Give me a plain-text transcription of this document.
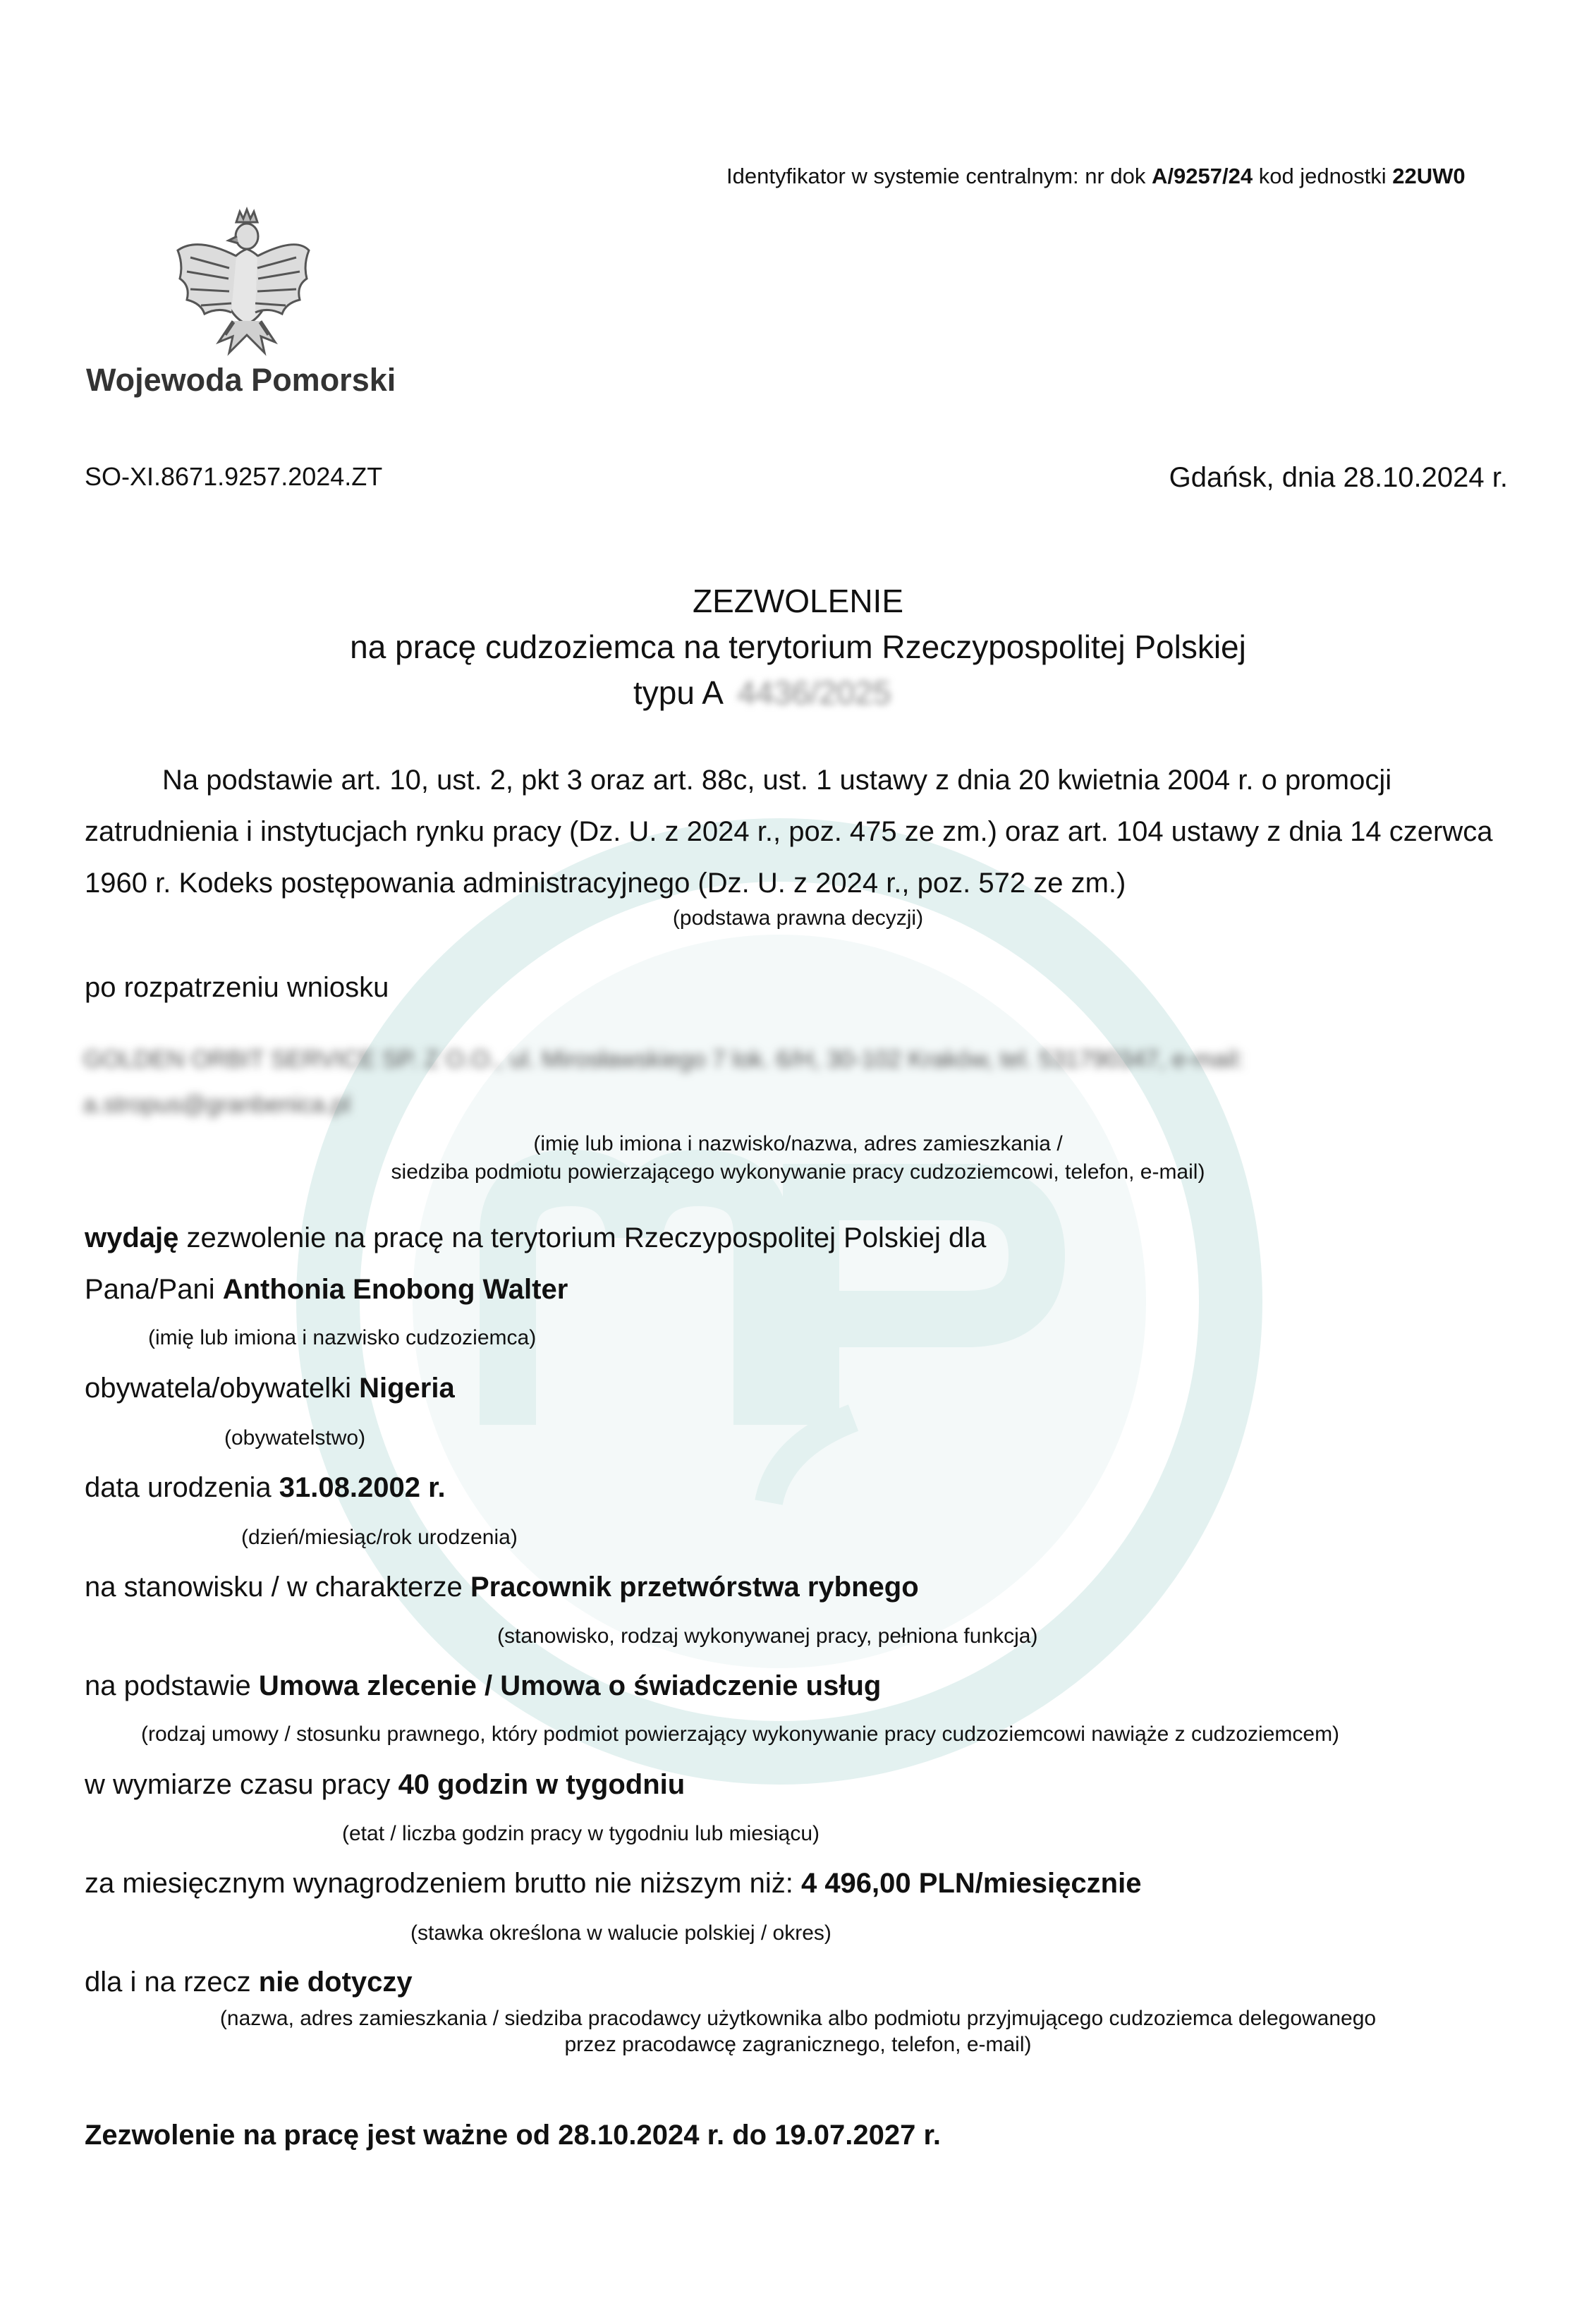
Identyfikator w systemie centralnym: nr dok A/9257/24 kod jednostki 22UW0
Wojewoda Pomorski
SO-XI.8671.9257.2024.ZT	Gdańsk, dnia 28.10.2024 r.
ZEZWOLENIE
na pracę cudzoziemca na terytorium Rzeczypospolitej Polskiej
typu A 4436/2025

Na podstawie art. 10, ust. 2, pkt 3 oraz art. 88c, ust. 1 ustawy z dnia 20 kwietnia 2004 r. o promocji zatrudnienia i instytucjach rynku pracy (Dz. U. z 2024 r., poz. 475 ze zm.) oraz art. 104 ustawy z dnia 14 czerwca 1960 r. Kodeks postępowania administracyjnego (Dz. U. z 2024 r., poz. 572 ze zm.)

(podstawa prawna decyzji)
po rozpatrzeniu wniosku
GOLDEN ORBIT SERVICE SP. Z O.O., ul. Mirosławskiego 7 lok. 6/H, 30-102 Kraków, tel. 531790347, e-mail: a.stropus@granbenica.pl
(imię lub imiona i nazwisko/nazwa, adres zamieszkania /
siedziba podmiotu powierzającego wykonywanie pracy cudzoziemcowi, telefon, e-mail)
wydaję zezwolenie na pracę na terytorium Rzeczypospolitej Polskiej dla
Pana/Pani Anthonia Enobong Walter
(imię lub imiona i nazwisko cudzoziemca)
obywatela/obywatelki Nigeria
(obywatelstwo)
data urodzenia 31.08.2002 r.
(dzień/miesiąc/rok urodzenia)
na stanowisku / w charakterze Pracownik przetwórstwa rybnego
(stanowisko, rodzaj wykonywanej pracy, pełniona funkcja)
na podstawie Umowa zlecenie / Umowa o świadczenie usług
(rodzaj umowy / stosunku prawnego, który podmiot powierzający wykonywanie pracy cudzoziemcowi nawiąże z cudzoziemcem)
w wymiarze czasu pracy 40 godzin w tygodniu
(etat / liczba godzin pracy w tygodniu lub miesiącu)
za miesięcznym wynagrodzeniem brutto nie niższym niż: 4 496,00 PLN/miesięcznie
(stawka określona w walucie polskiej / okres)
dla i na rzecz nie dotyczy
(nazwa, adres zamieszkania / siedziba pracodawcy użytkownika albo podmiotu przyjmującego cudzoziemca delegowanego
przez pracodawcę zagranicznego, telefon, e-mail)
Zezwolenie na pracę jest ważne od 28.10.2024 r. do 19.07.2027 r.
